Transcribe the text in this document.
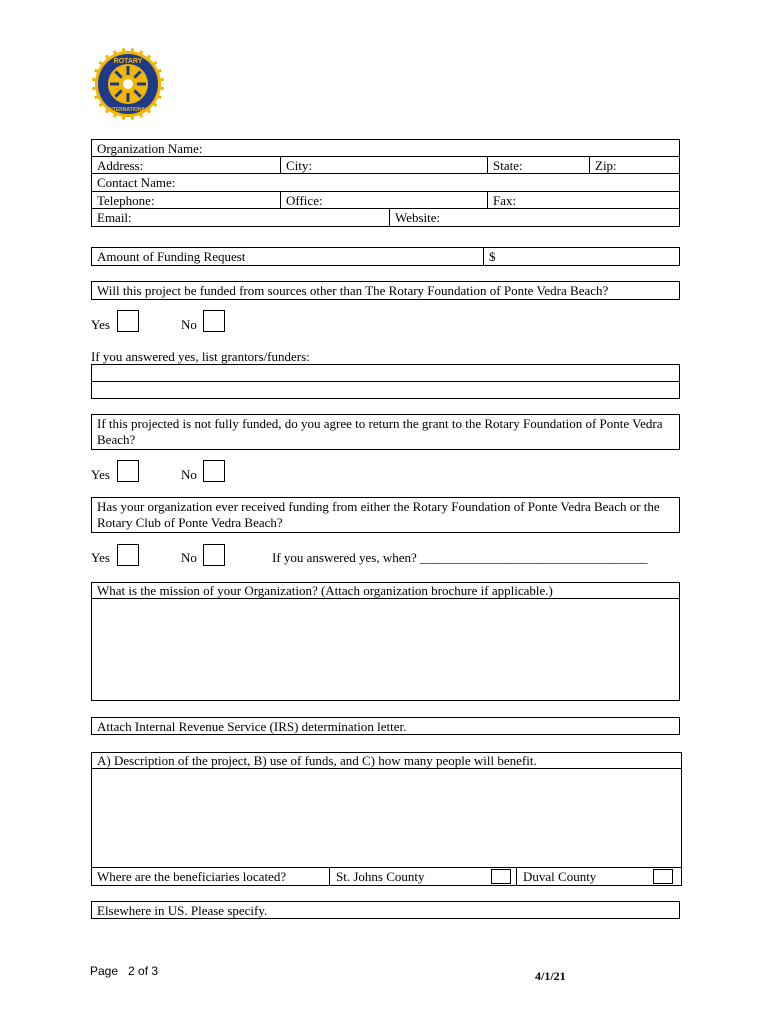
ROTARY
INTERNATIONAL
Organization Name:
Address:	City:	State:	Zip:
Contact Name:
Telephone:	Office:	Fax:
Email:	Website:
Amount of Funding Request	$
Will this project be funded from sources other than The Rotary Foundation of Ponte Vedra Beach?
Yes	No
If you answered yes, list grantors/funders:
If this projected is not fully funded, do you agree to return the grant to the Rotary Foundation of Ponte Vedra Beach?
Yes	No
Has your organization ever received funding from either the Rotary Foundation of Ponte Vedra Beach or the Rotary Club of Ponte Vedra Beach?
Yes	No	If you answered yes, when? ___________________________________
What is the mission of your Organization? (Attach organization brochure if applicable.)
Attach Internal Revenue Service (IRS) determination letter.
A) Description of the project, B) use of funds, and C) how many people will benefit.
Where are the beneficiaries located?	St. Johns County	Duval County
Elsewhere in US. Please specify.
Page   2 of 3	4/1/21
